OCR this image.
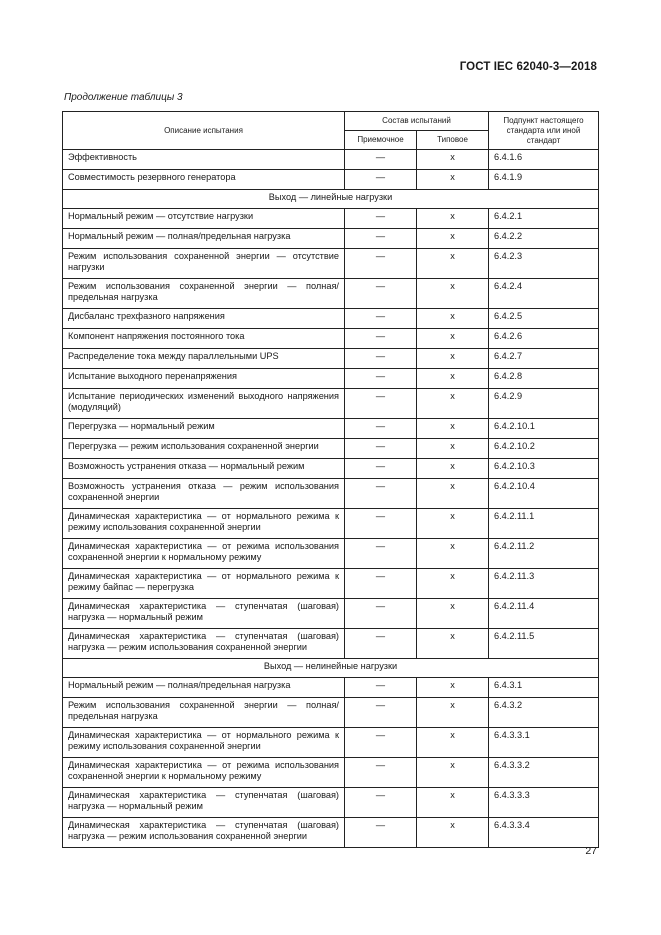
ГОСТ IEC 62040-3—2018
Продолжение таблицы 3
Описание испытания	Состав испытаний		Подпункт настоящего стандарта или иной стандарт
	Приемочное	Типовое	
Эффективность	—	x	6.4.1.6
Совместимость резервного генератора	—	x	6.4.1.9
Выход — линейные нагрузки			
Нормальный режим — отсутствие нагрузки	—	x	6.4.2.1
Нормальный режим — полная/предельная нагрузка	—	x	6.4.2.2
Режим использования сохраненной энергии — отсутствие нагрузки	—	x	6.4.2.3
Режим использования сохраненной энергии — полная/предельная нагрузка	—	x	6.4.2.4
Дисбаланс трехфазного напряжения	—	x	6.4.2.5
Компонент напряжения постоянного тока	—	x	6.4.2.6
Распределение тока между параллельными UPS	—	x	6.4.2.7
Испытание выходного перенапряжения	—	x	6.4.2.8
Испытание периодических изменений выходного напряжения (модуляций)	—	x	6.4.2.9
Перегрузка — нормальный режим	—	x	6.4.2.10.1
Перегрузка — режим использования сохраненной энергии	—	x	6.4.2.10.2
Возможность устранения отказа — нормальный режим	—	x	6.4.2.10.3
Возможность устранения отказа — режим использования сохраненной энергии	—	x	6.4.2.10.4
Динамическая характеристика — от нормального режима к режиму использования сохраненной энергии	—	x	6.4.2.11.1
Динамическая характеристика — от режима использования сохраненной энергии к нормальному режиму	—	x	6.4.2.11.2
Динамическая характеристика — от нормального режима к режиму байпас — перегрузка	—	x	6.4.2.11.3
Динамическая характеристика — ступенчатая (шаговая) нагрузка — нормальный режим	—	x	6.4.2.11.4
Динамическая характеристика — ступенчатая (шаговая) нагрузка — режим использования сохраненной энергии	—	x	6.4.2.11.5
Выход — нелинейные нагрузки			
Нормальный режим — полная/предельная нагрузка	—	x	6.4.3.1
Режим использования сохраненной энергии — полная/предельная нагрузка	—	x	6.4.3.2
Динамическая характеристика — от нормального режима к режиму использования сохраненной энергии	—	x	6.4.3.3.1
Динамическая характеристика — от режима использования сохраненной энергии к нормальному режиму	—	x	6.4.3.3.2
Динамическая характеристика — ступенчатая (шаговая) нагрузка — нормальный режим	—	x	6.4.3.3.3
Динамическая характеристика — ступенчатая (шаговая) нагрузка — режим использования сохраненной энергии	—	x	6.4.3.3.4
27
